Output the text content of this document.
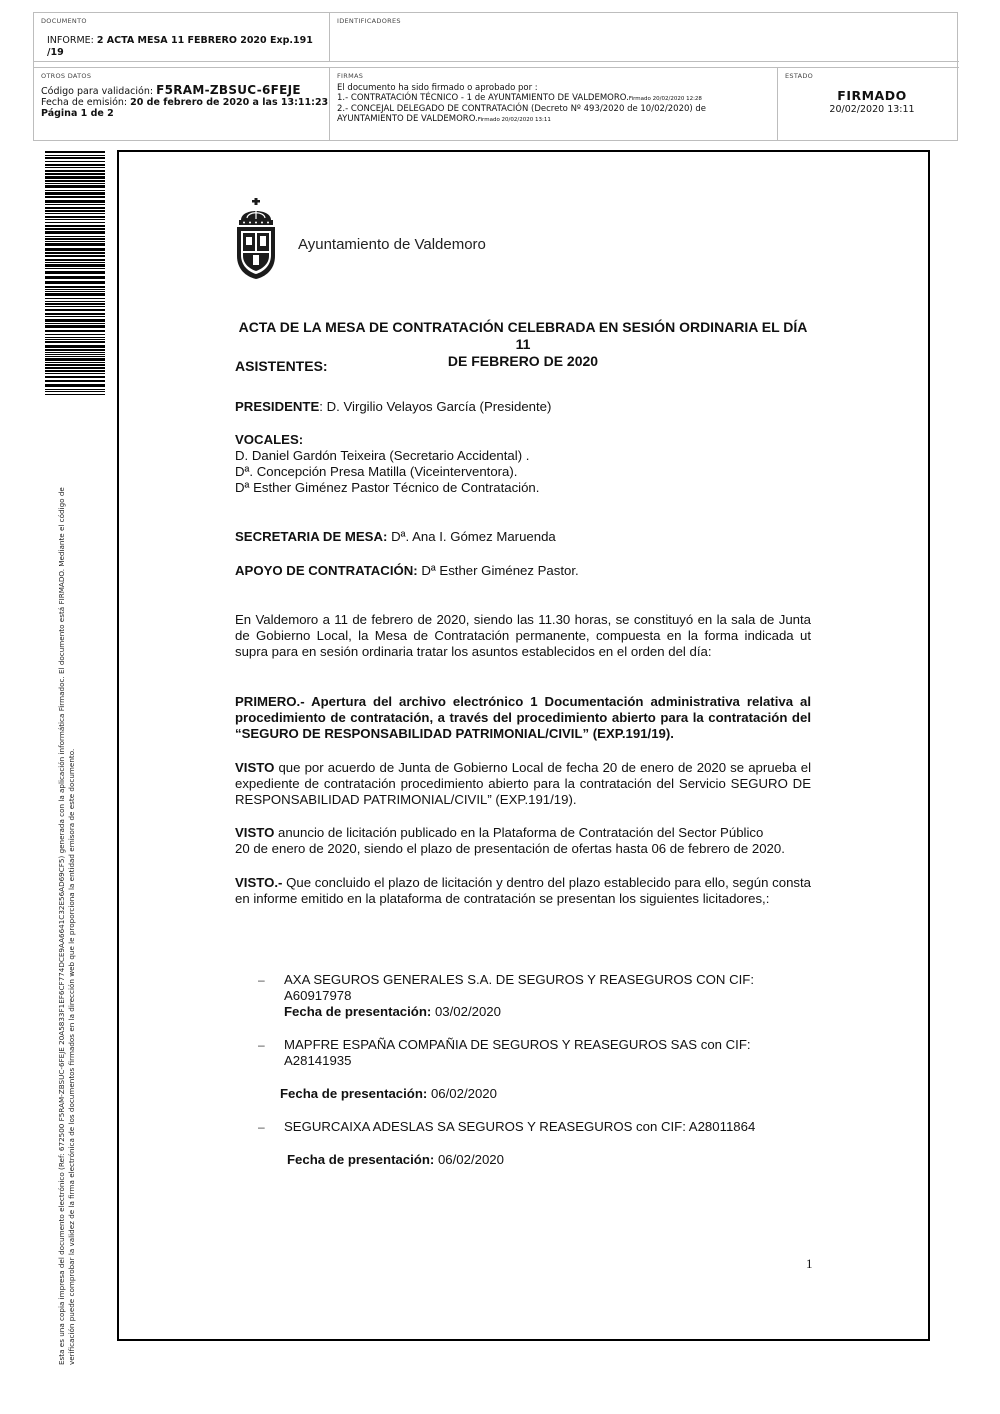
DOCUMENTO
INFORME: 2 ACTA MESA 11 FEBRERO 2020 Exp.191
/19
IDENTIFICADORES
OTROS DATOS
Código para validación: F5RAM-ZBSUC-6FEJE
Fecha de emisión: 20 de febrero de 2020 a las 13:11:23
Página 1 de 2
FIRMAS
El documento ha sido firmado o aprobado por :
1.- CONTRATACIÓN TÉCNICO - 1 de AYUNTAMIENTO DE VALDEMORO.Firmado 20/02/2020 12:28
2.- CONCEJAL DELEGADO DE CONTRATACIÓN (Decreto Nº 493/2020 de 10/02/2020) de
AYUNTAMIENTO DE VALDEMORO.Firmado 20/02/2020 13:11
ESTADO
FIRMADO
20/02/2020 13:11
Esta es una copia impresa del documento electrónico (Ref: 672500 F5RAM-ZBSUC-6FEJE 20A5833F1EF6CF774DCE9AA6641C32E56AD69CF5) generada con la aplicación informática Firmadoc. El documento está FIRMADO. Mediante el código de verificación puede comprobar la validez de la firma electrónica de los documentos firmados en la dirección web que le proporciona la entidad emisora de este documento.
Ayuntamiento de Valdemoro
ACTA DE LA MESA DE CONTRATACIÓN CELEBRADA EN SESIÓN ORDINARIA EL DÍA 11
DE FEBRERO DE 2020
ASISTENTES:
PRESIDENTE: D. Virgilio Velayos García (Presidente)
VOCALES:
D. Daniel Gardón Teixeira (Secretario Accidental) .
Dª. Concepción Presa Matilla (Viceinterventora).
Dª Esther Giménez Pastor Técnico de Contratación.
SECRETARIA DE MESA: Dª. Ana I. Gómez Maruenda
APOYO DE CONTRATACIÓN: Dª Esther Giménez Pastor.
En Valdemoro a 11 de febrero de 2020, siendo las 11.30 horas, se constituyó en la sala de Junta de Gobierno Local, la Mesa de Contratación permanente, compuesta en la forma indicada ut supra para en sesión ordinaria tratar los asuntos establecidos en el orden del día:
PRIMERO.- Apertura del archivo electrónico 1 Documentación administrativa relativa al procedimiento de contratación, a través del procedimiento abierto para la contratación del “SEGURO DE RESPONSABILIDAD PATRIMONIAL/CIVIL” (EXP.191/19).
VISTO que por acuerdo de Junta de Gobierno Local de fecha 20 de enero de 2020 se aprueba el expediente de contratación procedimiento abierto para la contratación del Servicio SEGURO DE RESPONSABILIDAD PATRIMONIAL/CIVIL” (EXP.191/19).
VISTO anuncio de licitación publicado en la Plataforma de Contratación del Sector Público
20 de enero de 2020, siendo el plazo de presentación de ofertas hasta 06 de febrero de 2020.
VISTO.- Que concluido el plazo de licitación y dentro del plazo establecido para ello, según consta en informe emitido en la plataforma de contratación se presentan los siguientes licitadores,:
– AXA SEGUROS GENERALES S.A. DE SEGUROS Y REASEGUROS CON CIF:
A60917978
Fecha de presentación: 03/02/2020
– MAPFRE ESPAÑA COMPAÑIA DE SEGUROS Y REASEGUROS SAS con CIF:
A28141935
Fecha de presentación: 06/02/2020
– SEGURCAIXA ADESLAS SA SEGUROS Y REASEGUROS con CIF: A28011864
Fecha de presentación: 06/02/2020
1
